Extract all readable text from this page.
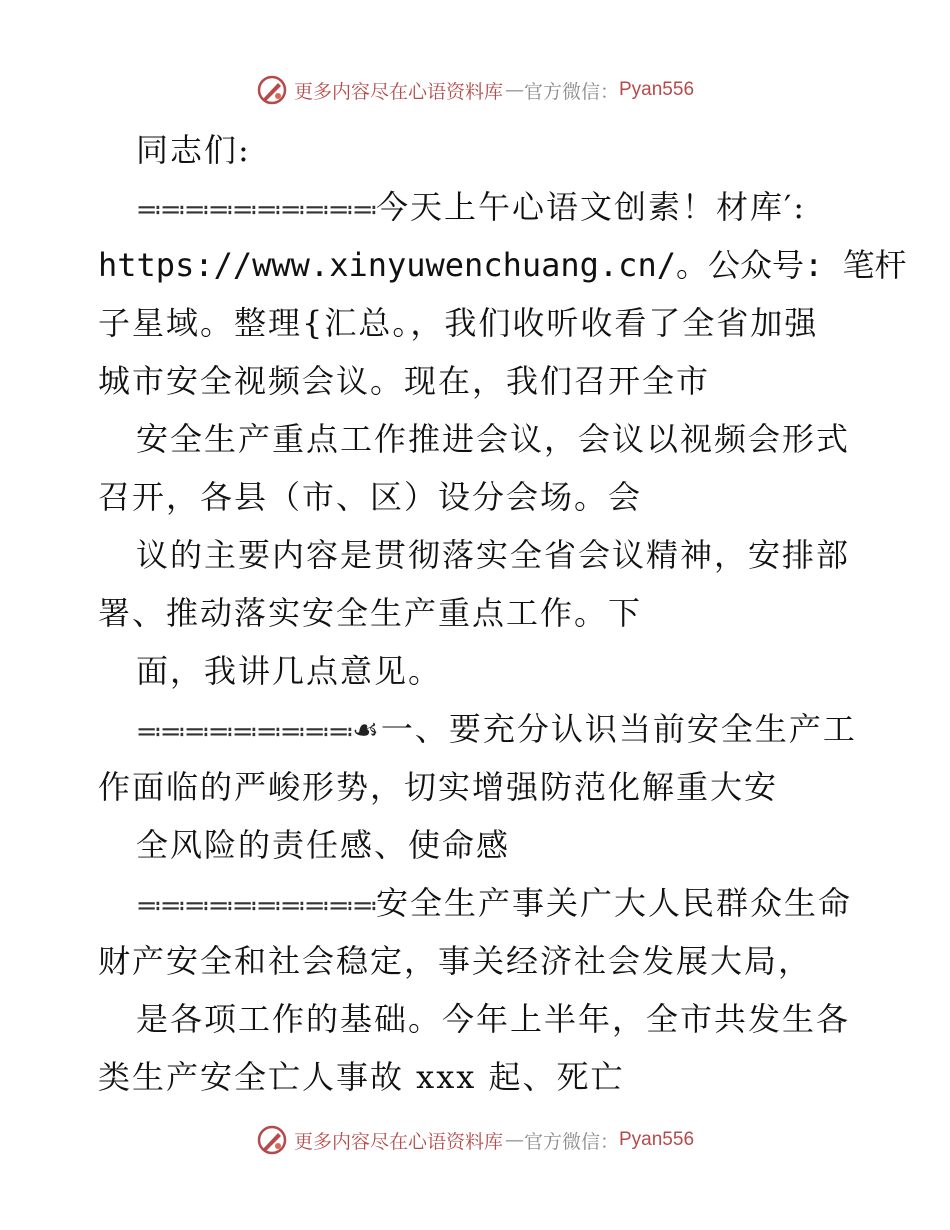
更多内容尽在心语资料库 — 官方微信： Pyan556
同志们:
≕≕≕≕≕≕≕≕≕≕今天上午心语文创素！材库′:
https://www.xinyuwenchuang.cn/。公众号: 笔杆
子星域。整理{汇总。，我们收听收看了全省加强
城市安全视频会议。现在，我们召开全市
安全生产重点工作推进会议，会议以视频会形式
召开，各县（市、区）设分会场。会
议的主要内容是贯彻落实全省会议精神，安排部
署、推动落实安全生产重点工作。下
面，我讲几点意见。
≕≕≕≕≕≕≕≕≕☙一、要充分认识当前安全生产工
作面临的严峻形势，切实增强防范化解重大安
全风险的责任感、使命感
≕≕≕≕≕≕≕≕≕≕安全生产事关广大人民群众生命
财产安全和社会稳定，事关经济社会发展大局，
是各项工作的基础。今年上半年，全市共发生各
类生产安全亡人事故 xxx 起、死亡
更多内容尽在心语资料库 — 官方微信： Pyan556
